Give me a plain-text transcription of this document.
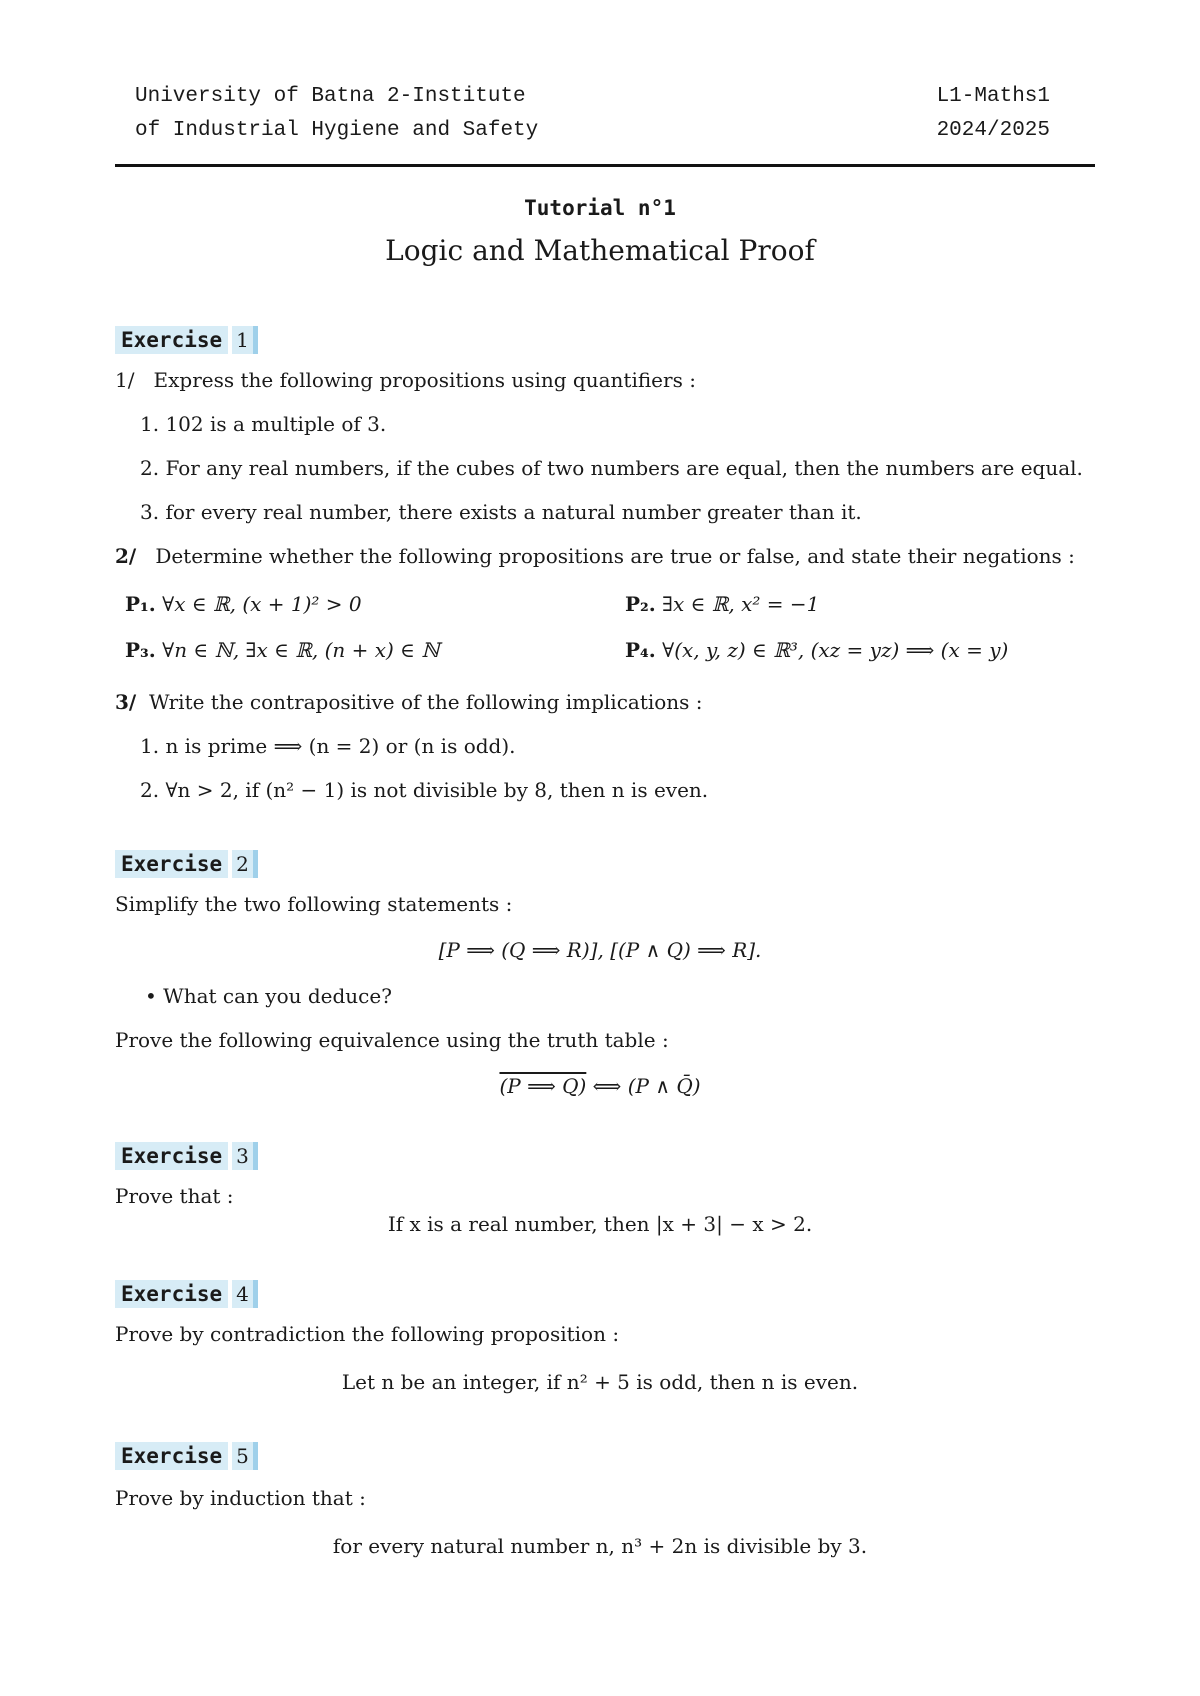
University of Batna 2-Institute
of Industrial Hygiene and Safety
L1-Maths1
2024/2025
Tutorial n°1
Logic and Mathematical Proof
Exercise 1
1/ Express the following propositions using quantifiers :
1. 102 is a multiple of 3.
2. For any real numbers, if the cubes of two numbers are equal, then the numbers are equal.
3. for every real number, there exists a natural number greater than it.
2/ Determine whether the following propositions are true or false, and state their negations :
P₁. ∀x ∈ ℝ, (x + 1)² > 0	P₂. ∃x ∈ ℝ, x² = −1
P₃. ∀n ∈ ℕ, ∃x ∈ ℝ, (n + x) ∈ ℕ	P₄. ∀(x, y, z) ∈ ℝ³, (xz = yz) ⟹ (x = y)
3/ Write the contrapositive of the following implications :
1. n is prime ⟹ (n = 2) or (n is odd).
2. ∀n > 2, if (n² − 1) is not divisible by 8, then n is even.
Exercise 2
Simplify the two following statements :
[P ⟹ (Q ⟹ R)], [(P ∧ Q) ⟹ R].
• What can you deduce?
Prove the following equivalence using the truth table :
(P ⟹ Q) ⟺ (P ∧ Q̄)
Exercise 3
Prove that :
If x is a real number, then |x + 3| − x > 2.
Exercise 4
Prove by contradiction the following proposition :
Let n be an integer, if n² + 5 is odd, then n is even.
Exercise 5
Prove by induction that :
for every natural number n, n³ + 2n is divisible by 3.
